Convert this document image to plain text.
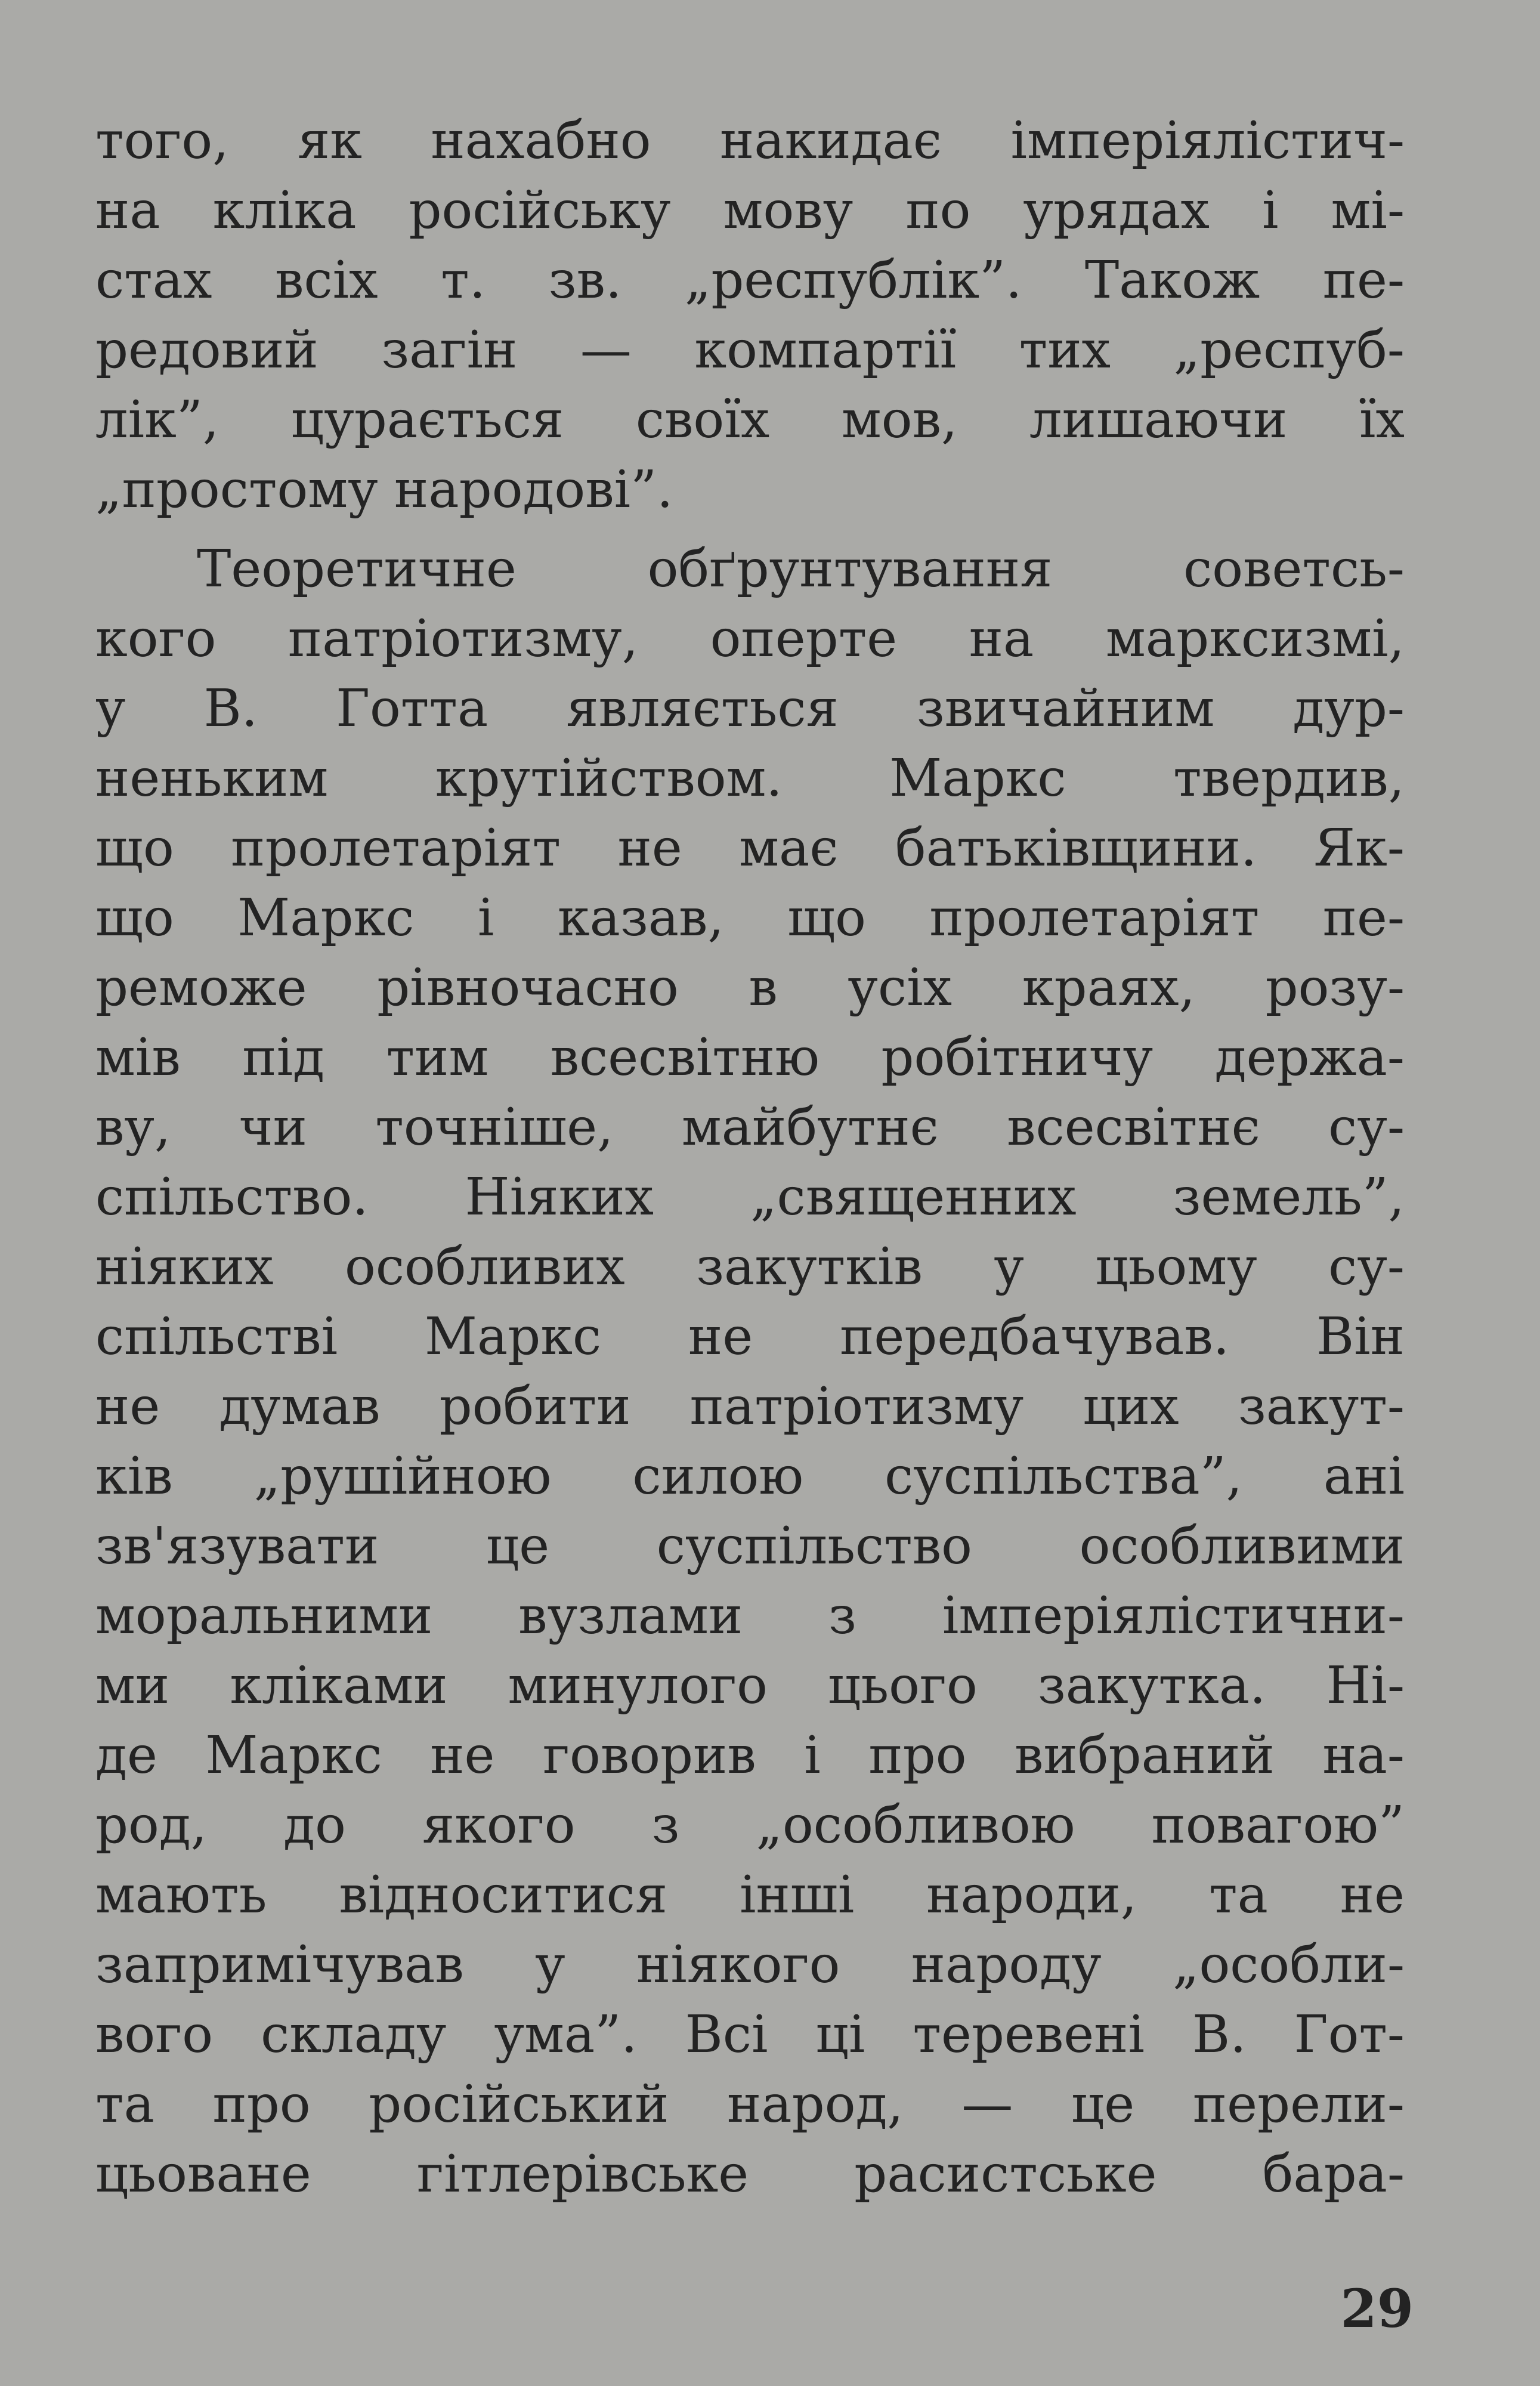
того, як нахабно накидає імперіялістич-
на кліка російську мову по урядах і мі-
стах всіх т. зв. „республік”. Також пе-
редовий загін — компартії тих „респуб-
лік”, цурається своїх мов, лишаючи їх
„простому народові”.
Теоретичне обґрунтування советсь-
кого патріотизму, оперте на марксизмі,
у В. Готта являється звичайним дур-
неньким крутійством. Маркс твердив,
що пролетаріят не має батьківщини. Як-
що Маркс і казав, що пролетаріят пе-
реможе рівночасно в усіх краях, розу-
мів під тим всесвітню робітничу держа-
ву, чи точніше, майбутнє всесвітнє су-
спільство. Ніяких „священних земель”,
ніяких особливих закутків у цьому су-
спільстві Маркс не передбачував. Він
не думав робити патріотизму цих закут-
ків „рушійною силою суспільства”, ані
зв'язувати це суспільство особливими
моральними вузлами з імперіялістични-
ми кліками минулого цього закутка. Ні-
де Маркс не говорив і про вибраний на-
род, до якого з „особливою повагою”
мають відноситися інші народи, та не
запримічував у ніякого народу „особли-
вого складу ума”. Всі ці теревені В. Гот-
та про російський народ, — це перели-
цьоване гітлерівське расистське бара-
29
